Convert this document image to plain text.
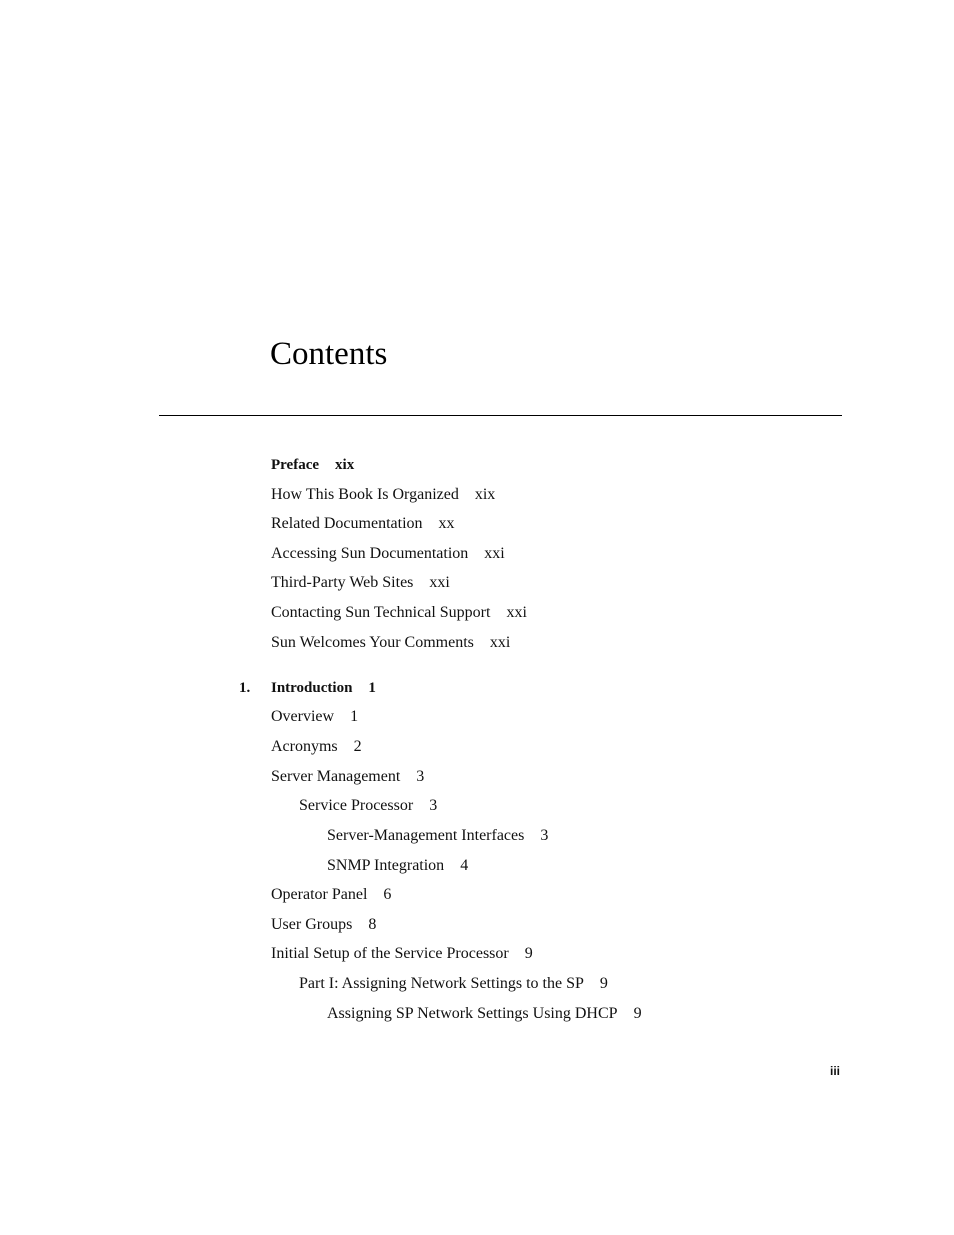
Contents
Preface xix
How This Book Is Organized xix
Related Documentation xx
Accessing Sun Documentation xxi
Third-Party Web Sites xxi
Contacting Sun Technical Support xxi
Sun Welcomes Your Comments xxi
1. Introduction 1
Overview 1
Acronyms 2
Server Management 3
Service Processor 3
Server-Management Interfaces 3
SNMP Integration 4
Operator Panel 6
User Groups 8
Initial Setup of the Service Processor 9
Part I: Assigning Network Settings to the SP 9
Assigning SP Network Settings Using DHCP 9
iii
